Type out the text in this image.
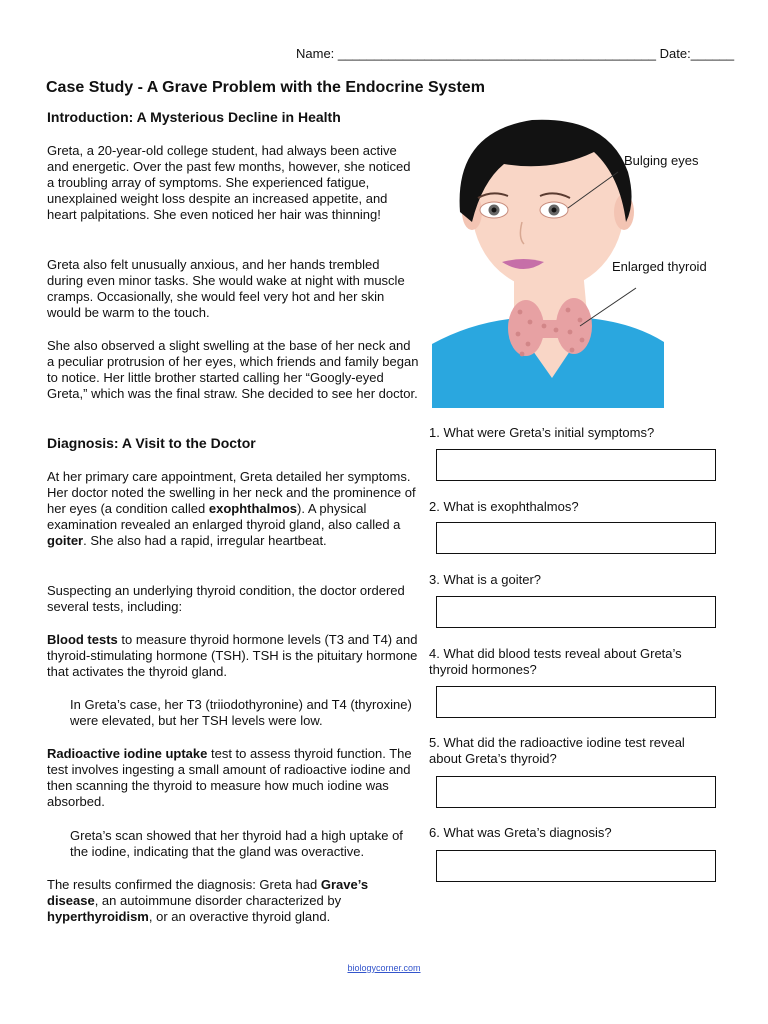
Name: ____________________________________________ Date:______
Case Study - A Grave Problem with the Endocrine System
Introduction: A Mysterious Decline in Health
Greta, a 20-year-old college student, had always been active and energetic. Over the past few months, however, she noticed a troubling array of symptoms. She experienced fatigue, unexplained weight loss despite an increased appetite, and heart palpitations. She even noticed her hair was thinning!
Greta also felt unusually anxious, and her hands trembled during even minor tasks. She would wake at night with muscle cramps. Occasionally, she would feel very hot and her skin would be warm to the touch.
She also observed a slight swelling at the base of her neck and a peculiar protrusion of her eyes, which friends and family began to notice. Her little brother started calling her “Googly-eyed Greta,” which was the final straw. She decided to see her doctor.
Diagnosis: A Visit to the Doctor
At her primary care appointment, Greta detailed her symptoms. Her doctor noted the swelling in her neck and the prominence of her eyes (a condition called exophthalmos). A physical examination revealed an enlarged thyroid gland, also called a goiter. She also had a rapid, irregular heartbeat.
Suspecting an underlying thyroid condition, the doctor ordered several tests, including:
Blood tests to measure thyroid hormone levels (T3 and T4) and thyroid-stimulating hormone (TSH). TSH is the pituitary hormone that activates the thyroid gland.
In Greta’s case, her T3 (triiodothyronine) and T4 (thyroxine) were elevated, but her TSH levels were low.
Radioactive iodine uptake test to assess thyroid function. The test involves ingesting a small amount of radioactive iodine and then scanning the thyroid to measure how much iodine was absorbed.
Greta’s scan showed that her thyroid had a high uptake of the iodine, indicating that the gland was overactive.
The results confirmed the diagnosis: Greta had Grave’s disease, an autoimmune disorder characterized by hyperthyroidism, or an overactive thyroid gland.
Bulging eyes
Enlarged thyroid
1. What were Greta’s initial symptoms?
2. What is exophthalmos?
3. What is a goiter?
4. What did blood tests reveal about Greta’s thyroid hormones?
5. What did the radioactive iodine test reveal about Greta’s thyroid?
6. What was Greta’s diagnosis?
biologycorner.com
